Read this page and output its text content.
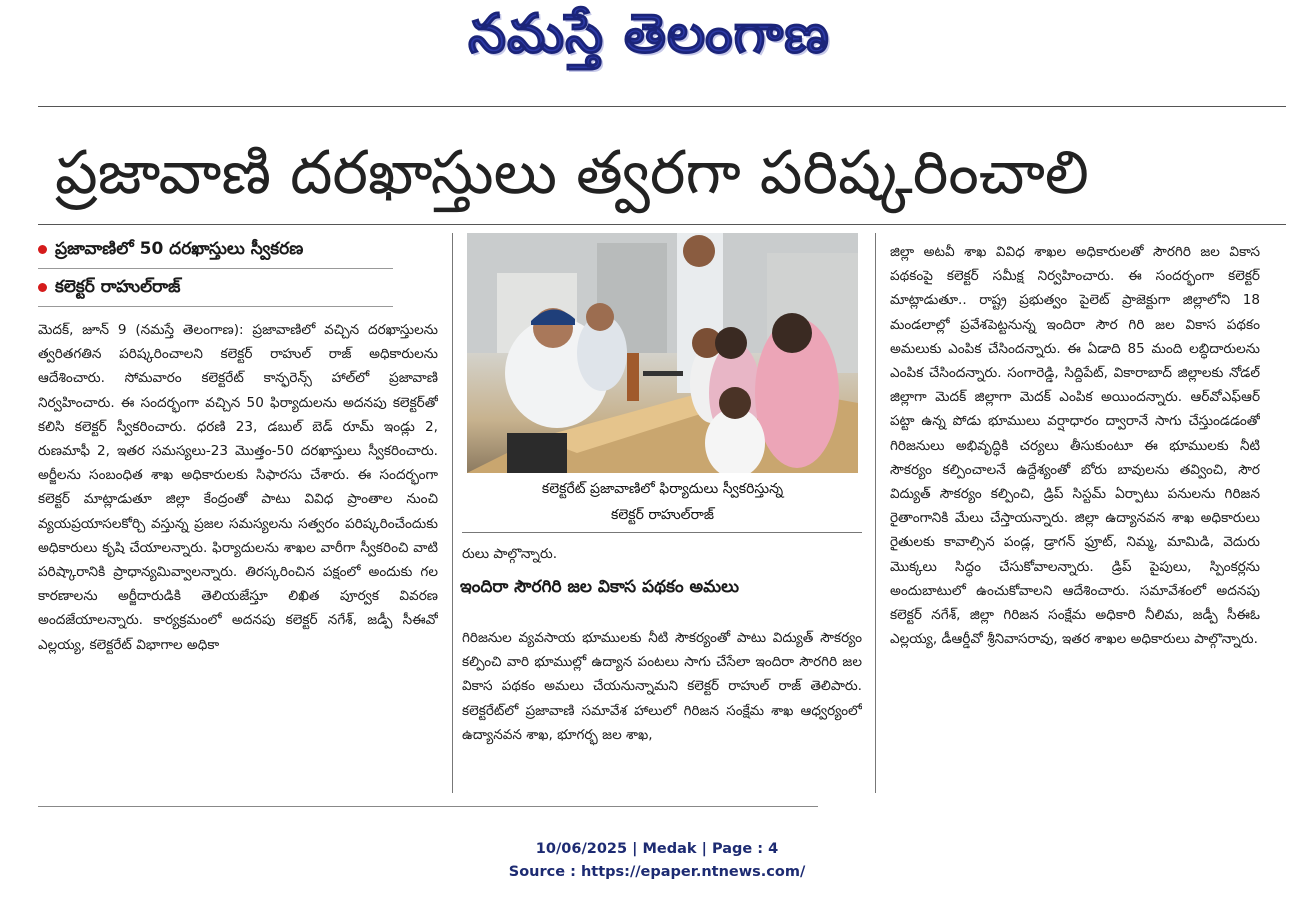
నమస్తే తెలంగాణ
ప్రజావాణి దరఖాస్తులు త్వరగా పరిష్కరించాలి
ప్రజావాణిలో 50 దరఖాస్తులు స్వీకరణ
కలెక్టర్ రాహుల్‌రాజ్

మెదక్, జూన్ 9 (నమస్తే తెలంగాణ): ప్రజావాణిలో వచ్చిన దరఖాస్తులను త్వరితగతిన పరిష్కరించాలని కలెక్టర్ రాహుల్ రాజ్ అధికారులను ఆదేశించారు. సోమవారం కలెక్టరేట్ కాన్ఫరెన్స్ హాల్‌లో ప్రజావాణి నిర్వహించారు. ఈ సందర్భంగా వచ్చిన 50 ఫిర్యాదులను అదనపు కలెక్టర్‌తో కలిసి కలెక్టర్ స్వీకరించారు. ధరణి 23, డబుల్ బెడ్ రూమ్ ఇండ్లు 2, రుణమాఫీ 2, ఇతర సమస్యలు-23 మొత్తం-50 దరఖాస్తులు స్వీకరించారు. అర్జీలను సంబంధిత శాఖ అధికారులకు సిఫారసు చేశారు. ఈ సందర్భంగా కలెక్టర్ మాట్లాడుతూ జిల్లా కేంద్రంతో పాటు వివిధ ప్రాంతాల నుంచి వ్యయప్రయాసలకోర్చి వస్తున్న ప్రజల సమస్యలను సత్వరం పరిష్కరించేందుకు అధికారులు కృషి చేయాలన్నారు. ఫిర్యాదులను శాఖల వారీగా స్వీకరించి వాటి పరిష్కారానికి ప్రాధాన్యమివ్వాలన్నారు. తిరస్కరించిన పక్షంలో అందుకు గల కారణాలను అర్జీదారుడికి తెలియజేస్తూ లిఖిత పూర్వక వివరణ అందజేయాలన్నారు. కార్యక్రమంలో అదనపు కలెక్టర్ నగేశ్, జడ్పీ సీఈవో ఎల్లయ్య, కలెక్టరేట్ విభాగాల అధికా

కలెక్టరేట్ ప్రజావాణిలో ఫిర్యాదులు స్వీకరిస్తున్న
కలెక్టర్ రాహుల్‌రాజ్

రులు పాల్గొన్నారు.

ఇందిరా సౌరగిరి జల వికాస పథకం అమలు

గిరిజనుల వ్యవసాయ భూములకు నీటి సౌకర్యంతో పాటు విద్యుత్ సౌకర్యం కల్పించి వారి భూముల్లో ఉద్యాన పంటలు సాగు చేసేలా ఇందిరా సౌరగిరి జల వికాస పథకం అమలు చేయనున్నామని కలెక్టర్ రాహుల్ రాజ్ తెలిపారు. కలెక్టరేట్‌లో ప్రజావాణి సమావేశ హాలులో గిరిజన సంక్షేమ శాఖ ఆధ్వర్యంలో ఉద్యానవన శాఖ, భూగర్భ జల శాఖ,

జిల్లా అటవీ శాఖ వివిధ శాఖల అధికారులతో సౌరగిరి జల వికాస పథకంపై కలెక్టర్ సమీక్ష నిర్వహించారు. ఈ సందర్భంగా కలెక్టర్ మాట్లాడుతూ.. రాష్ట్ర ప్రభుత్వం పైలెట్ ప్రాజెక్టుగా జిల్లాలోని 18 మండలాల్లో ప్రవేశపెట్టనున్న ఇందిరా సౌర గిరి జల వికాస పథకం అమలుకు ఎంపిక చేసిందన్నారు. ఈ ఏడాది 85 మంది లబ్ధిదారులను ఎంపిక చేసిందన్నారు. సంగారెడ్డి, సిద్దిపేట్, వికారాబాద్ జిల్లాలకు నోడల్ జిల్లాగా మెదక్ జిల్లాగా మెదక్ ఎంపిక అయిందన్నారు. ఆర్‌వోఎఫ్‌ఆర్ పట్టా ఉన్న పోడు భూములు వర్షాధారం ద్వారానే సాగు చేస్తుండడంతో గిరిజనులు అభివృద్ధికి చర్యలు తీసుకుంటూ ఈ భూములకు నీటి సౌకర్యం కల్పించాలనే ఉద్దేశ్యంతో బోరు బావులను తవ్వించి, సౌర విద్యుత్ సౌకర్యం కల్పించి, డ్రిప్ సిస్టమ్ ఏర్పాటు పనులను గిరిజన రైతాంగానికి మేలు చేస్తాయన్నారు. జిల్లా ఉద్యానవన శాఖ అధికారులు రైతులకు కావాల్సిన పండ్ల, డ్రాగన్ ఫ్రూట్, నిమ్మ, మామిడి, వెదురు మొక్కలు సిద్ధం చేసుకోవాలన్నారు. డ్రిప్ పైపులు, స్పింకర్లను అందుబాటులో ఉంచుకోవాలని ఆదేశించారు. సమావేశంలో అదనపు కలెక్టర్ నగేశ్, జిల్లా గిరిజన సంక్షేమ అధికారి నీలిమ, జడ్పీ సీఈఓ ఎల్లయ్య, డీఆర్డీవో శ్రీనివాసరావు, ఇతర శాఖల అధికారులు పాల్గొన్నారు.

10/06/2025 | Medak | Page : 4
Source : https://epaper.ntnews.com/
